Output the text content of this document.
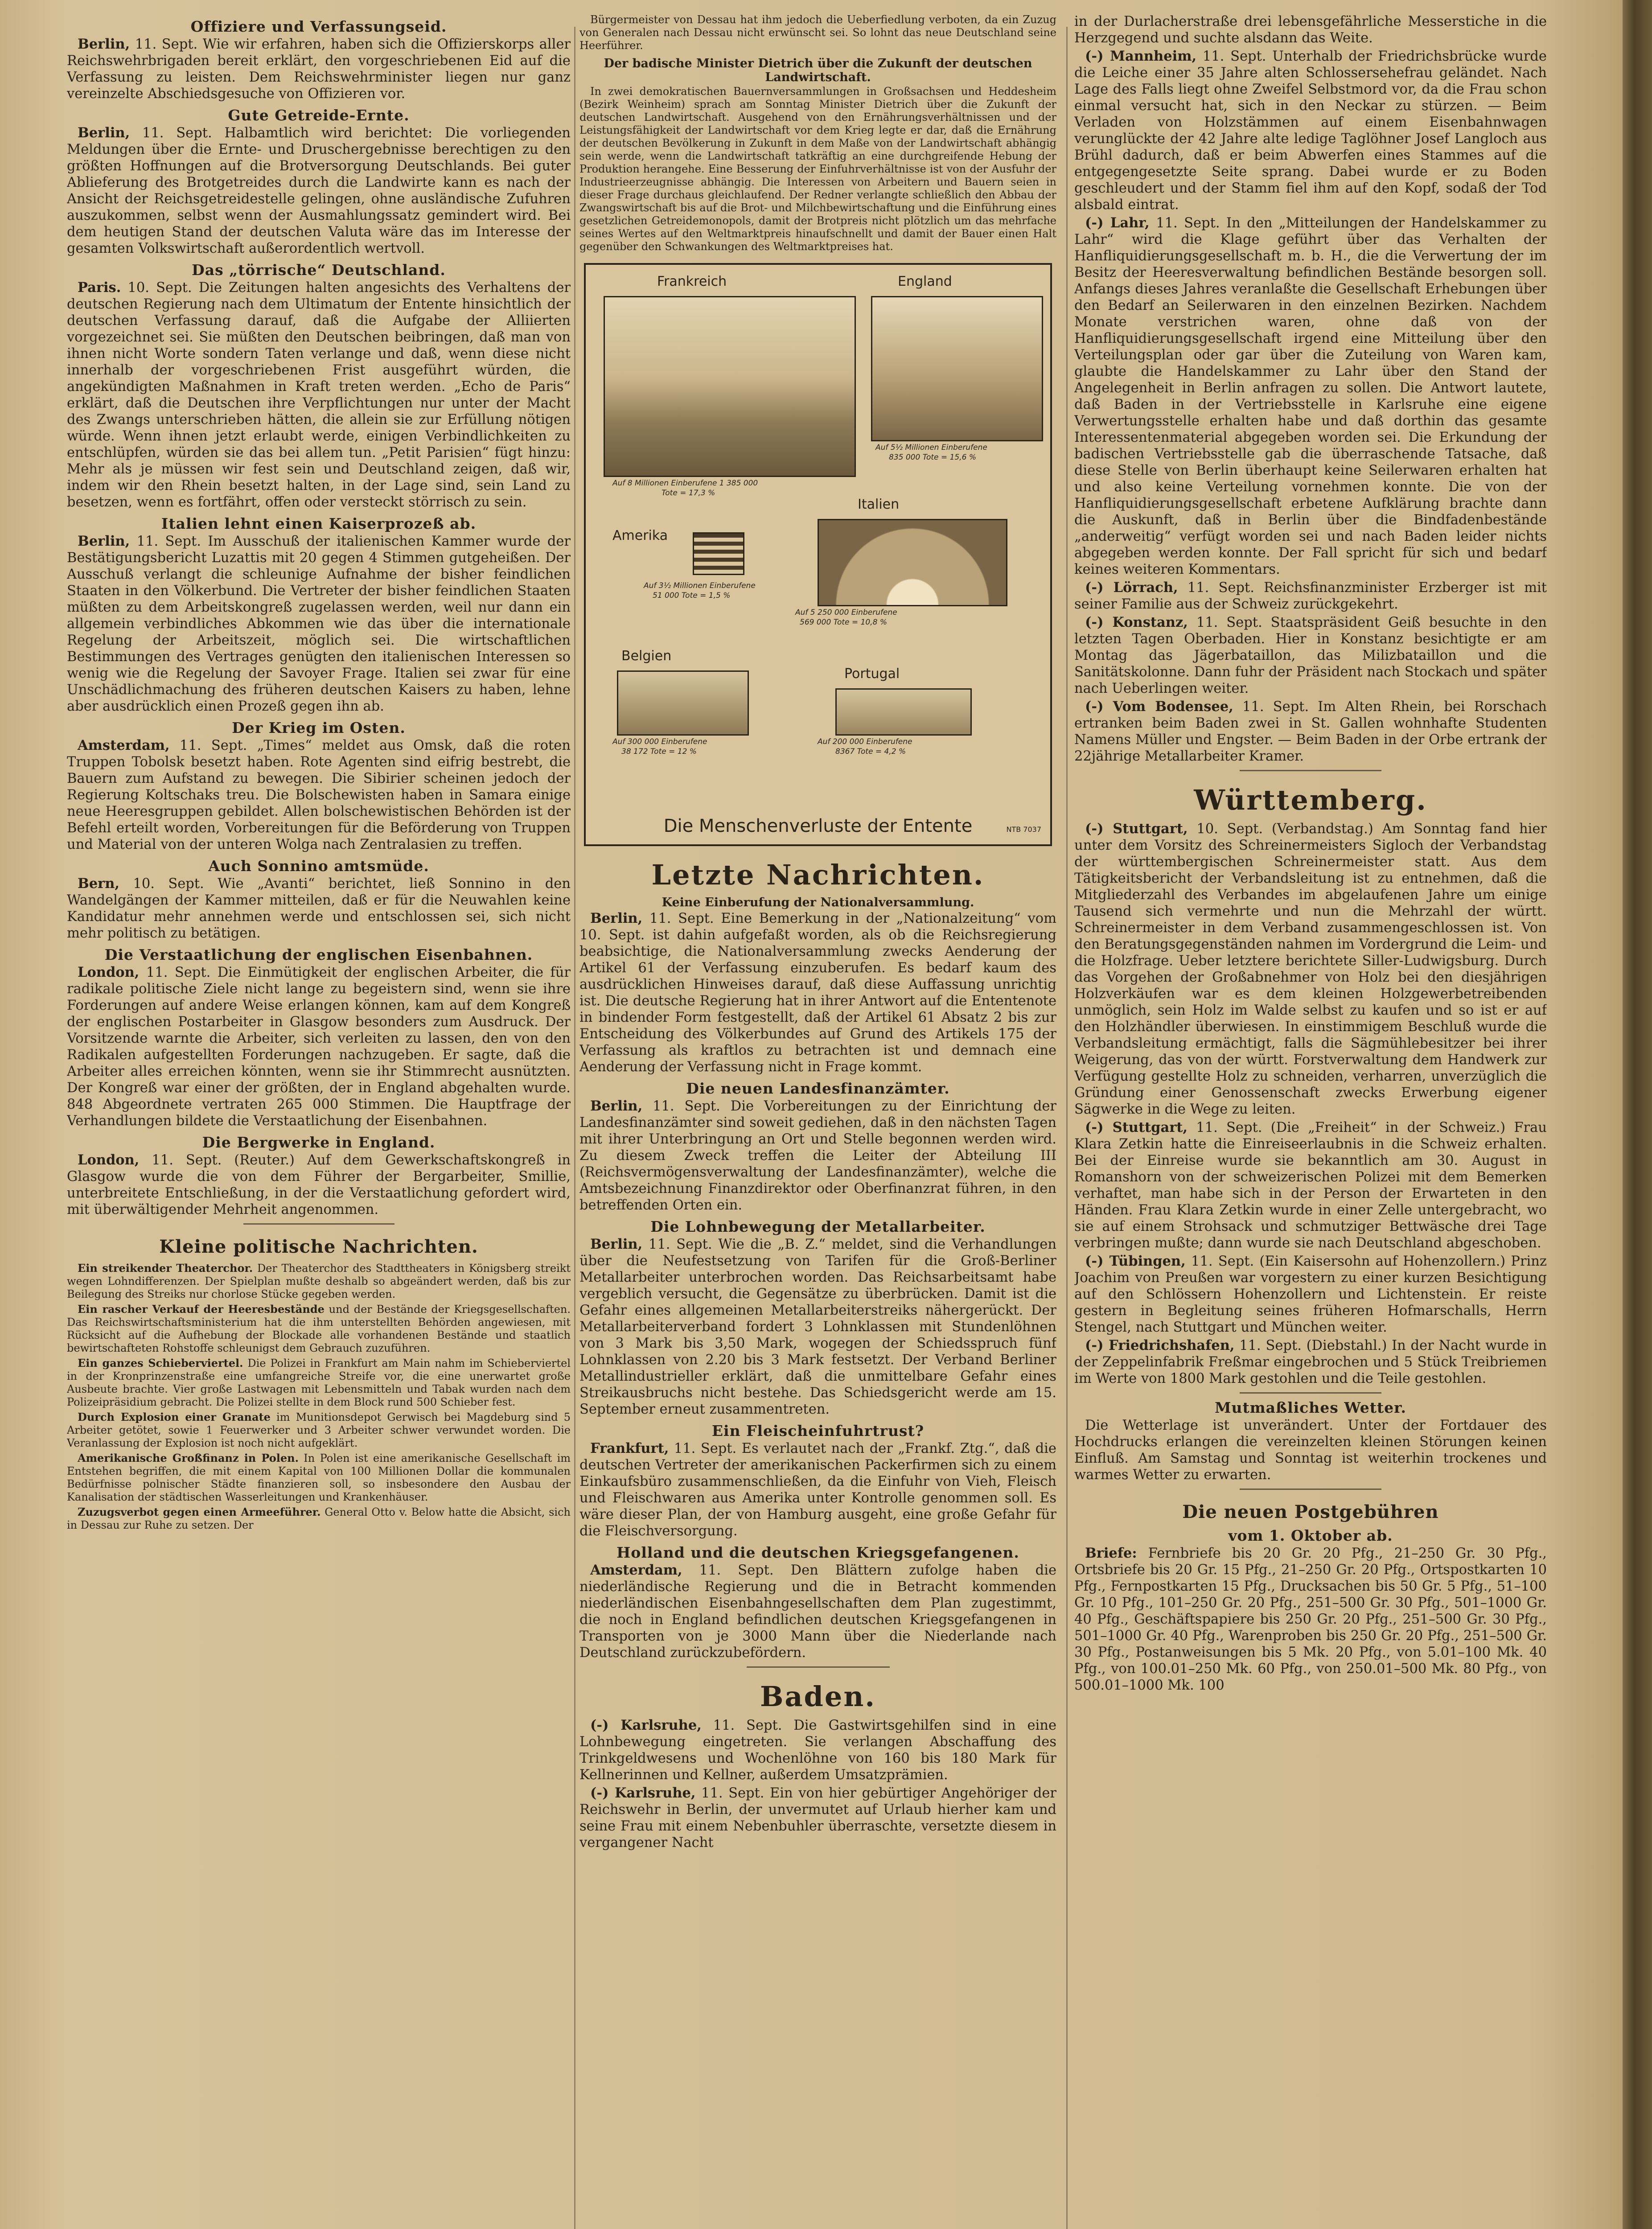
Offiziere und Verfassungseid.

Berlin, 11. Sept. Wie wir erfahren, haben sich die Offizierskorps aller Reichswehrbrigaden bereit erklärt, den vorgeschriebenen Eid auf die Verfassung zu leisten. Dem Reichswehrminister liegen nur ganz vereinzelte Abschiedsgesuche von Offizieren vor.

Gute Getreide-Ernte.

Berlin, 11. Sept. Halbamtlich wird berichtet: Die vorliegenden Meldungen über die Ernte- und Druschergebnisse berechtigen zu den größten Hoffnungen auf die Brotversorgung Deutschlands. Bei guter Ablieferung des Brotgetreides durch die Landwirte kann es nach der Ansicht der Reichsgetreidestelle gelingen, ohne ausländische Zufuhren auszukommen, selbst wenn der Ausmahlungssatz gemindert wird. Bei dem heutigen Stand der deutschen Valuta wäre das im Interesse der gesamten Volkswirtschaft außerordentlich wertvoll.

Das „törrische“ Deutschland.

Paris. 10. Sept. Die Zeitungen halten angesichts des Verhaltens der deutschen Regierung nach dem Ultimatum der Entente hinsichtlich der deutschen Verfassung darauf, daß die Aufgabe der Alliierten vorgezeichnet sei. Sie müßten den Deutschen beibringen, daß man von ihnen nicht Worte sondern Taten verlange und daß, wenn diese nicht innerhalb der vorgeschriebenen Frist ausgeführt würden, die angekündigten Maßnahmen in Kraft treten werden. „Echo de Paris“ erklärt, daß die Deutschen ihre Verpflichtungen nur unter der Macht des Zwangs unterschrieben hätten, die allein sie zur Erfüllung nötigen würde. Wenn ihnen jetzt erlaubt werde, einigen Verbindlichkeiten zu entschlüpfen, würden sie das bei allem tun. „Petit Parisien“ fügt hinzu: Mehr als je müssen wir fest sein und Deutschland zeigen, daß wir, indem wir den Rhein besetzt halten, in der Lage sind, sein Land zu besetzen, wenn es fortfährt, offen oder versteckt störrisch zu sein.

Italien lehnt einen Kaiserprozeß ab.

Berlin, 11. Sept. Im Ausschuß der italienischen Kammer wurde der Bestätigungsbericht Luzattis mit 20 gegen 4 Stimmen gutgeheißen. Der Ausschuß verlangt die schleunige Aufnahme der bisher feindlichen Staaten in den Völkerbund. Die Vertreter der bisher feindlichen Staaten müßten zu dem Arbeitskongreß zugelassen werden, weil nur dann ein allgemein verbindliches Abkommen wie das über die internationale Regelung der Arbeitszeit, möglich sei. Die wirtschaftlichen Bestimmungen des Vertrages genügten den italienischen Interessen so wenig wie die Regelung der Savoyer Frage. Italien sei zwar für eine Unschädlichmachung des früheren deutschen Kaisers zu haben, lehne aber ausdrücklich einen Prozeß gegen ihn ab.

Der Krieg im Osten.

Amsterdam, 11. Sept. „Times“ meldet aus Omsk, daß die roten Truppen Tobolsk besetzt haben. Rote Agenten sind eifrig bestrebt, die Bauern zum Aufstand zu bewegen. Die Sibirier scheinen jedoch der Regierung Koltschaks treu. Die Bolschewisten haben in Samara einige neue Heeresgruppen gebildet. Allen bolschewistischen Behörden ist der Befehl erteilt worden, Vorbereitungen für die Beförderung von Truppen und Material von der unteren Wolga nach Zentralasien zu treffen.

Auch Sonnino amtsmüde.

Bern, 10. Sept. Wie „Avanti“ berichtet, ließ Sonnino in den Wandelgängen der Kammer mitteilen, daß er für die Neuwahlen keine Kandidatur mehr annehmen werde und entschlossen sei, sich nicht mehr politisch zu betätigen.

Die Verstaatlichung der englischen Eisenbahnen.

London, 11. Sept. Die Einmütigkeit der englischen Arbeiter, die für radikale politische Ziele nicht lange zu begeistern sind, wenn sie ihre Forderungen auf andere Weise erlangen können, kam auf dem Kongreß der englischen Postarbeiter in Glasgow besonders zum Ausdruck. Der Vorsitzende warnte die Arbeiter, sich verleiten zu lassen, den von den Radikalen aufgestellten Forderungen nachzugeben. Er sagte, daß die Arbeiter alles erreichen könnten, wenn sie ihr Stimmrecht ausnützten. Der Kongreß war einer der größten, der in England abgehalten wurde. 848 Abgeordnete vertraten 265 000 Stimmen. Die Hauptfrage der Verhandlungen bildete die Verstaatlichung der Eisenbahnen.

Die Bergwerke in England.

London, 11. Sept. (Reuter.) Auf dem Gewerkschaftskongreß in Glasgow wurde die von dem Führer der Bergarbeiter, Smillie, unterbreitete Entschließung, in der die Verstaatlichung gefordert wird, mit überwältigender Mehrheit angenommen.

Kleine politische Nachrichten.

Ein streikender Theaterchor. Der Theaterchor des Stadttheaters in Königsberg streikt wegen Lohndifferenzen. Der Spielplan mußte deshalb so abgeändert werden, daß bis zur Beilegung des Streiks nur chorlose Stücke gegeben werden.

Ein rascher Verkauf der Heeresbestände und der Bestände der Kriegsgesellschaften. Das Reichswirtschaftsministerium hat die ihm unterstellten Behörden angewiesen, mit Rücksicht auf die Aufhebung der Blockade alle vorhandenen Bestände und staatlich bewirtschafteten Rohstoffe schleunigst dem Gebrauch zuzuführen.

Ein ganzes Schieberviertel. Die Polizei in Frankfurt am Main nahm im Schieberviertel in der Kronprinzenstraße eine umfangreiche Streife vor, die eine unerwartet große Ausbeute brachte. Vier große Lastwagen mit Lebensmitteln und Tabak wurden nach dem Polizeipräsidium gebracht. Die Polizei stellte in dem Block rund 500 Schieber fest.

Durch Explosion einer Granate im Munitionsdepot Gerwisch bei Magdeburg sind 5 Arbeiter getötet, sowie 1 Feuerwerker und 3 Arbeiter schwer verwundet worden. Die Veranlassung der Explosion ist noch nicht aufgeklärt.

Amerikanische Großfinanz in Polen. In Polen ist eine amerikanische Gesellschaft im Entstehen begriffen, die mit einem Kapital von 100 Millionen Dollar die kommunalen Bedürfnisse polnischer Städte finanzieren soll, so insbesondere den Ausbau der Kanalisation der städtischen Wasserleitungen und Krankenhäuser.

Zuzugsverbot gegen einen Armeeführer. General Otto v. Below hatte die Absicht, sich in Dessau zur Ruhe zu setzen. Der

Bürgermeister von Dessau hat ihm jedoch die Ueberfiedlung verboten, da ein Zuzug von Generalen nach Dessau nicht erwünscht sei. So lohnt das neue Deutschland seine Heerführer.

Der badische Minister Dietrich über die Zukunft der deutschen Landwirtschaft.

In zwei demokratischen Bauernversammlungen in Großsachsen und Heddesheim (Bezirk Weinheim) sprach am Sonntag Minister Dietrich über die Zukunft der deutschen Landwirtschaft. Ausgehend von den Ernährungsverhältnissen und der Leistungsfähigkeit der Landwirtschaft vor dem Krieg legte er dar, daß die Ernährung der deutschen Bevölkerung in Zukunft in dem Maße von der Landwirtschaft abhängig sein werde, wenn die Landwirtschaft tatkräftig an eine durchgreifende Hebung der Produktion herangehe. Eine Besserung der Einfuhrverhältnisse ist von der Ausfuhr der Industrieerzeugnisse abhängig. Die Interessen von Arbeitern und Bauern seien in dieser Frage durchaus gleichlaufend. Der Redner verlangte schließlich den Abbau der Zwangswirtschaft bis auf die Brot- und Milchbewirtschaftung und die Einführung eines gesetzlichen Getreidemonopols, damit der Brotpreis nicht plötzlich um das mehrfache seines Wertes auf den Weltmarktpreis hinaufschnellt und damit der Bauer einen Halt gegenüber den Schwankungen des Weltmarktpreises hat.

Frankreich	England
Auf 8 Millionen Einberufene 1 385 000
Tote = 17,3 %
Auf 5½ Millionen Einberufene
835 000 Tote = 15,6 %
Amerika
Auf 3½ Millionen Einberufene
51 000 Tote = 1,5 %
Italien
Auf 5 250 000 Einberufene
569 000 Tote = 10,8 %
Belgien
Auf 300 000 Einberufene
38 172 Tote = 12 %
Portugal
Auf 200 000 Einberufene
8367 Tote = 4,2 %
Die Menschenverluste der Entente	NTB 7037
Letzte Nachrichten.
Keine Einberufung der Nationalversammlung.

Berlin, 11. Sept. Eine Bemerkung in der „Nationalzeitung“ vom 10. Sept. ist dahin aufgefaßt worden, als ob die Reichsregierung beabsichtige, die Nationalversammlung zwecks Aenderung der Artikel 61 der Verfassung einzuberufen. Es bedarf kaum des ausdrücklichen Hinweises darauf, daß diese Auffassung unrichtig ist. Die deutsche Regierung hat in ihrer Antwort auf die Ententenote in bindender Form festgestellt, daß der Artikel 61 Absatz 2 bis zur Entscheidung des Völkerbundes auf Grund des Artikels 175 der Verfassung als kraftlos zu betrachten ist und demnach eine Aenderung der Verfassung nicht in Frage kommt.

Die neuen Landesfinanzämter.

Berlin, 11. Sept. Die Vorbereitungen zu der Einrichtung der Landesfinanzämter sind soweit gediehen, daß in den nächsten Tagen mit ihrer Unterbringung an Ort und Stelle begonnen werden wird. Zu diesem Zweck treffen die Leiter der Abteilung III (Reichsvermögensverwaltung der Landesfinanzämter), welche die Amtsbezeichnung Finanzdirektor oder Oberfinanzrat führen, in den betreffenden Orten ein.

Die Lohnbewegung der Metallarbeiter.

Berlin, 11. Sept. Wie die „B. Z.“ meldet, sind die Verhandlungen über die Neufestsetzung von Tarifen für die Groß-Berliner Metallarbeiter unterbrochen worden. Das Reichsarbeitsamt habe vergeblich versucht, die Gegensätze zu überbrücken. Damit ist die Gefahr eines allgemeinen Metallarbeiterstreiks nähergerückt. Der Metallarbeiterverband fordert 3 Lohnklassen mit Stundenlöhnen von 3 Mark bis 3,50 Mark, wogegen der Schiedsspruch fünf Lohnklassen von 2.20 bis 3 Mark festsetzt. Der Verband Berliner Metallindustrieller erklärt, daß die unmittelbare Gefahr eines Streikausbruchs nicht bestehe. Das Schiedsgericht werde am 15. September erneut zusammentreten.

Ein Fleischeinfuhrtrust?

Frankfurt, 11. Sept. Es verlautet nach der „Frankf. Ztg.“, daß die deutschen Vertreter der amerikanischen Packerfirmen sich zu einem Einkaufsbüro zusammenschließen, da die Einfuhr von Vieh, Fleisch und Fleischwaren aus Amerika unter Kontrolle genommen soll. Es wäre dieser Plan, der von Hamburg ausgeht, eine große Gefahr für die Fleischversorgung.

Holland und die deutschen Kriegsgefangenen.

Amsterdam, 11. Sept. Den Blättern zufolge haben die niederländische Regierung und die in Betracht kommenden niederländischen Eisenbahngesellschaften dem Plan zugestimmt, die noch in England befindlichen deutschen Kriegsgefangenen in Transporten von je 3000 Mann über die Niederlande nach Deutschland zurückzubefördern.

Baden.

(-) Karlsruhe, 11. Sept. Die Gastwirtsgehilfen sind in eine Lohnbewegung eingetreten. Sie verlangen Abschaffung des Trinkgeldwesens und Wochenlöhne von 160 bis 180 Mark für Kellnerinnen und Kellner, außerdem Umsatzprämien.

(-) Karlsruhe, 11. Sept. Ein von hier gebürtiger Angehöriger der Reichswehr in Berlin, der unvermutet auf Urlaub hierher kam und seine Frau mit einem Nebenbuhler überraschte, versetzte diesem in vergangener Nacht

in der Durlacherstraße drei lebensgefährliche Messerstiche in die Herzgegend und suchte alsdann das Weite.

(-) Mannheim, 11. Sept. Unterhalb der Friedrichsbrücke wurde die Leiche einer 35 Jahre alten Schlossersehefrau geländet. Nach Lage des Falls liegt ohne Zweifel Selbstmord vor, da die Frau schon einmal versucht hat, sich in den Neckar zu stürzen. — Beim Verladen von Holzstämmen auf einem Eisenbahnwagen verunglückte der 42 Jahre alte ledige Taglöhner Josef Langloch aus Brühl dadurch, daß er beim Abwerfen eines Stammes auf die entgegengesetzte Seite sprang. Dabei wurde er zu Boden geschleudert und der Stamm fiel ihm auf den Kopf, sodaß der Tod alsbald eintrat.

(-) Lahr, 11. Sept. In den „Mitteilungen der Handelskammer zu Lahr“ wird die Klage geführt über das Verhalten der Hanfliquidierungsgesellschaft m. b. H., die die Verwertung der im Besitz der Heeresverwaltung befindlichen Bestände besorgen soll. Anfangs dieses Jahres veranlaßte die Gesellschaft Erhebungen über den Bedarf an Seilerwaren in den einzelnen Bezirken. Nachdem Monate verstrichen waren, ohne daß von der Hanfliquidierungsgesellschaft irgend eine Mitteilung über den Verteilungsplan oder gar über die Zuteilung von Waren kam, glaubte die Handelskammer zu Lahr über den Stand der Angelegenheit in Berlin anfragen zu sollen. Die Antwort lautete, daß Baden in der Vertriebsstelle in Karlsruhe eine eigene Verwertungsstelle erhalten habe und daß dorthin das gesamte Interessentenmaterial abgegeben worden sei. Die Erkundung der badischen Vertriebsstelle gab die überraschende Tatsache, daß diese Stelle von Berlin überhaupt keine Seilerwaren erhalten hat und also keine Verteilung vornehmen konnte. Die von der Hanfliquidierungsgesellschaft erbetene Aufklärung brachte dann die Auskunft, daß in Berlin über die Bindfadenbestände „anderweitig“ verfügt worden sei und nach Baden leider nichts abgegeben werden konnte. Der Fall spricht für sich und bedarf keines weiteren Kommentars.

(-) Lörrach, 11. Sept. Reichsfinanzminister Erzberger ist mit seiner Familie aus der Schweiz zurückgekehrt.

(-) Konstanz, 11. Sept. Staatspräsident Geiß besuchte in den letzten Tagen Oberbaden. Hier in Konstanz besichtigte er am Montag das Jägerbataillon, das Milizbataillon und die Sanitätskolonne. Dann fuhr der Präsident nach Stockach und später nach Ueberlingen weiter.

(-) Vom Bodensee, 11. Sept. Im Alten Rhein, bei Rorschach ertranken beim Baden zwei in St. Gallen wohnhafte Studenten Namens Müller und Engster. — Beim Baden in der Orbe ertrank der 22jährige Metallarbeiter Kramer.

Württemberg.

(-) Stuttgart, 10. Sept. (Verbandstag.) Am Sonntag fand hier unter dem Vorsitz des Schreinermeisters Sigloch der Verbandstag der württembergischen Schreinermeister statt. Aus dem Tätigkeitsbericht der Verbandsleitung ist zu entnehmen, daß die Mitgliederzahl des Verbandes im abgelaufenen Jahre um einige Tausend sich vermehrte und nun die Mehrzahl der württ. Schreinermeister in dem Verband zusammengeschlossen ist. Von den Beratungsgegenständen nahmen im Vordergrund die Leim- und die Holzfrage. Ueber letztere berichtete Siller-Ludwigsburg. Durch das Vorgehen der Großabnehmer von Holz bei den diesjährigen Holzverkäufen war es dem kleinen Holzgewerbetreibenden unmöglich, sein Holz im Walde selbst zu kaufen und so ist er auf den Holzhändler überwiesen. In einstimmigem Beschluß wurde die Verbandsleitung ermächtigt, falls die Sägmühlebesitzer bei ihrer Weigerung, das von der württ. Forstverwaltung dem Handwerk zur Verfügung gestellte Holz zu schneiden, verharren, unverzüglich die Gründung einer Genossenschaft zwecks Erwerbung eigener Sägwerke in die Wege zu leiten.

(-) Stuttgart, 11. Sept. (Die „Freiheit“ in der Schweiz.) Frau Klara Zetkin hatte die Einreiseerlaubnis in die Schweiz erhalten. Bei der Einreise wurde sie bekanntlich am 30. August in Romanshorn von der schweizerischen Polizei mit dem Bemerken verhaftet, man habe sich in der Person der Erwarteten in den Händen. Frau Klara Zetkin wurde in einer Zelle untergebracht, wo sie auf einem Strohsack und schmutziger Bettwäsche drei Tage verbringen mußte; dann wurde sie nach Deutschland abgeschoben.

(-) Tübingen, 11. Sept. (Ein Kaisersohn auf Hohenzollern.) Prinz Joachim von Preußen war vorgestern zu einer kurzen Besichtigung auf den Schlössern Hohenzollern und Lichtenstein. Er reiste gestern in Begleitung seines früheren Hofmarschalls, Herrn Stengel, nach Stuttgart und München weiter.

(-) Friedrichshafen, 11. Sept. (Diebstahl.) In der Nacht wurde in der Zeppelinfabrik Freßmar eingebrochen und 5 Stück Treibriemen im Werte von 1800 Mark gestohlen und die Teile gestohlen.

Mutmaßliches Wetter.

Die Wetterlage ist unverändert. Unter der Fortdauer des Hochdrucks erlangen die vereinzelten kleinen Störungen keinen Einfluß. Am Samstag und Sonntag ist weiterhin trockenes und warmes Wetter zu erwarten.

Die neuen Postgebühren
vom 1. Oktober ab.

Briefe: Fernbriefe bis 20 Gr. 20 Pfg., 21–250 Gr. 30 Pfg., Ortsbriefe bis 20 Gr. 15 Pfg., 21–250 Gr. 20 Pfg., Ortspostkarten 10 Pfg., Fernpostkarten 15 Pfg., Drucksachen bis 50 Gr. 5 Pfg., 51–100 Gr. 10 Pfg., 101–250 Gr. 20 Pfg., 251–500 Gr. 30 Pfg., 501–1000 Gr. 40 Pfg., Geschäftspapiere bis 250 Gr. 20 Pfg., 251–500 Gr. 30 Pfg., 501–1000 Gr. 40 Pfg., Warenproben bis 250 Gr. 20 Pfg., 251–500 Gr. 30 Pfg., Postanweisungen bis 5 Mk. 20 Pfg., von 5.01–100 Mk. 40 Pfg., von 100.01–250 Mk. 60 Pfg., von 250.01–500 Mk. 80 Pfg., von 500.01–1000 Mk. 100
